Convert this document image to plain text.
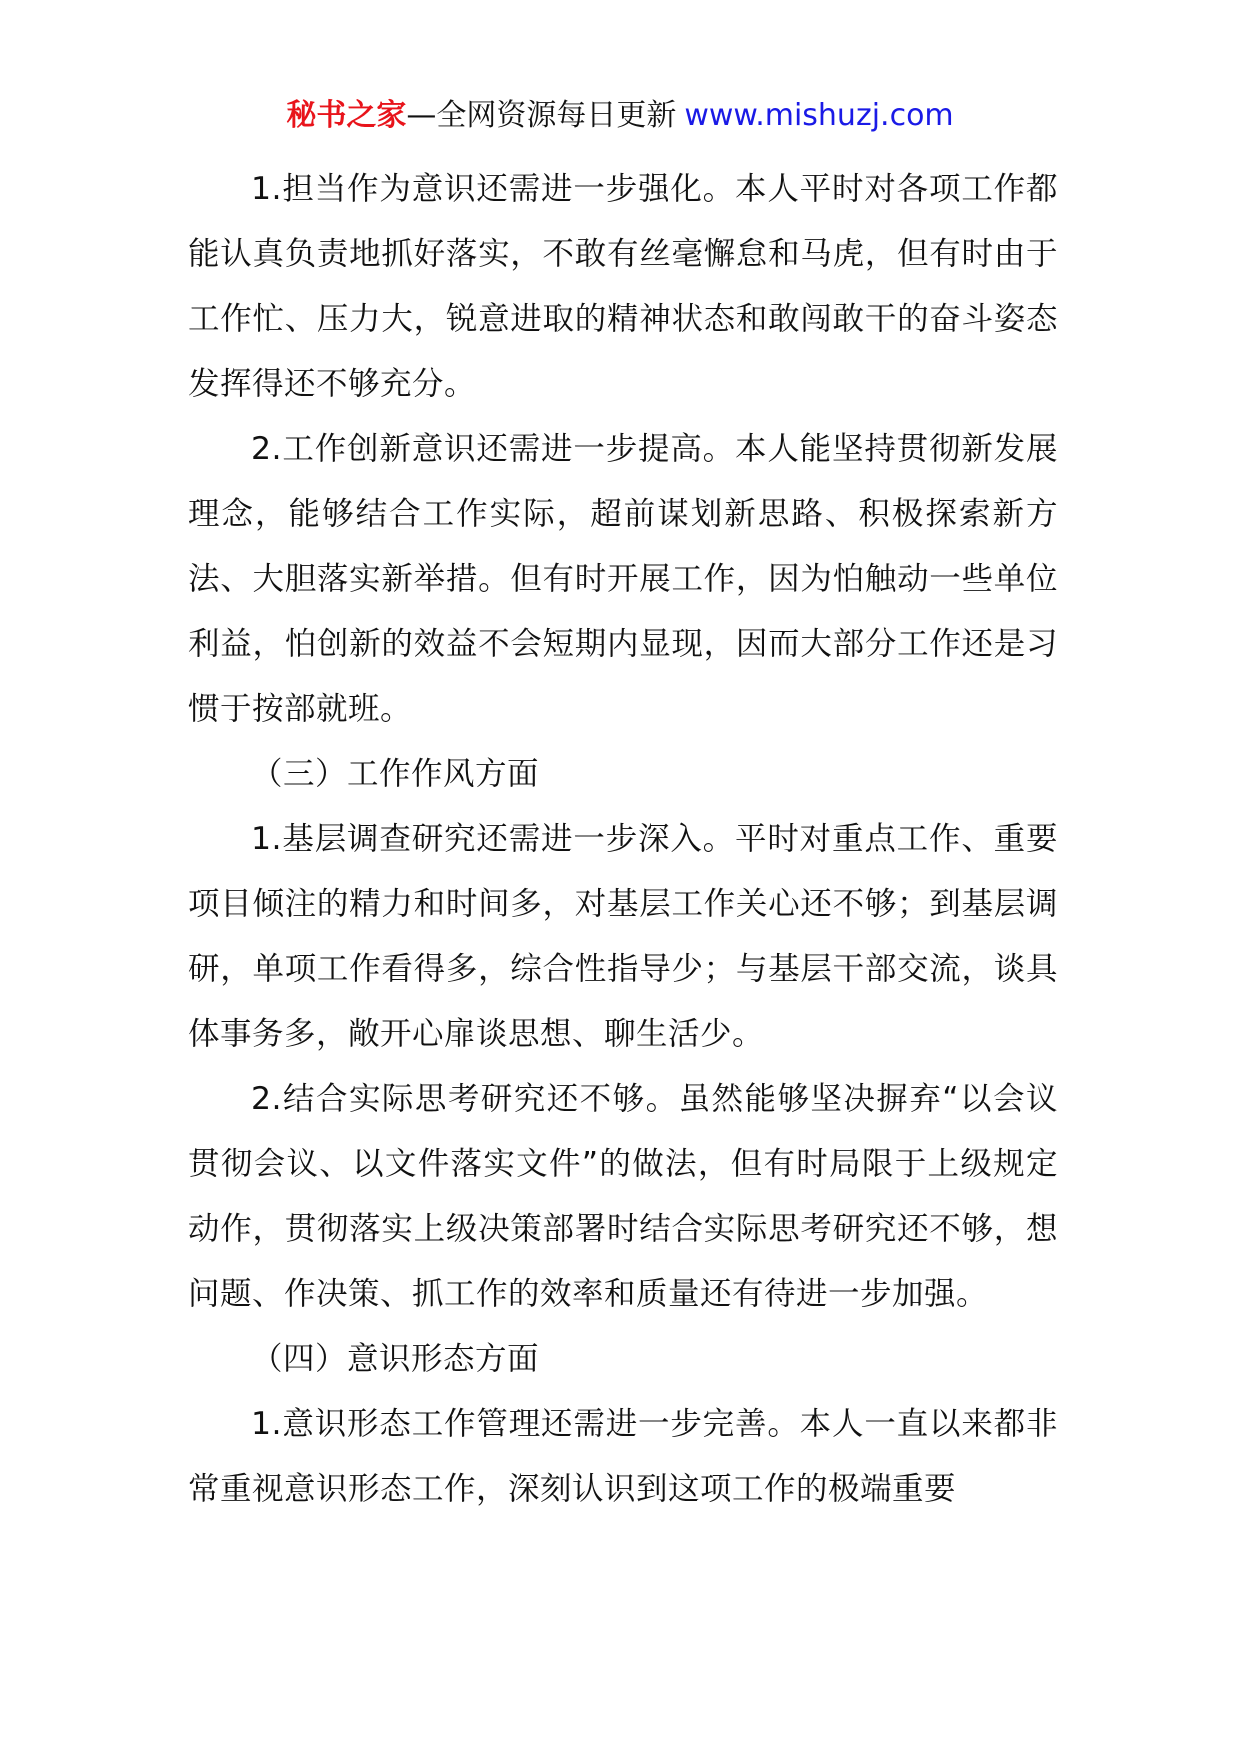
秘书之家—全网资源每日更新 www.mishuzj.com

1.担当作为意识还需进一步强化。本人平时对各项工作都能认真负责地抓好落实，不敢有丝毫懈怠和马虎，但有时由于工作忙、压力大，锐意进取的精神状态和敢闯敢干的奋斗姿态发挥得还不够充分。

2.工作创新意识还需进一步提高。本人能坚持贯彻新发展理念，能够结合工作实际，超前谋划新思路、积极探索新方法、大胆落实新举措。但有时开展工作，因为怕触动一些单位利益，怕创新的效益不会短期内显现，因而大部分工作还是习惯于按部就班。

（三）工作作风方面

1.基层调查研究还需进一步深入。平时对重点工作、重要项目倾注的精力和时间多，对基层工作关心还不够；到基层调研，单项工作看得多，综合性指导少；与基层干部交流，谈具体事务多，敞开心扉谈思想、聊生活少。

2.结合实际思考研究还不够。虽然能够坚决摒弃“以会议贯彻会议、以文件落实文件”的做法，但有时局限于上级规定动作，贯彻落实上级决策部署时结合实际思考研究还不够，想问题、作决策、抓工作的效率和质量还有待进一步加强。

（四）意识形态方面

1.意识形态工作管理还需进一步完善。本人一直以来都非常重视意识形态工作，深刻认识到这项工作的极端重要
